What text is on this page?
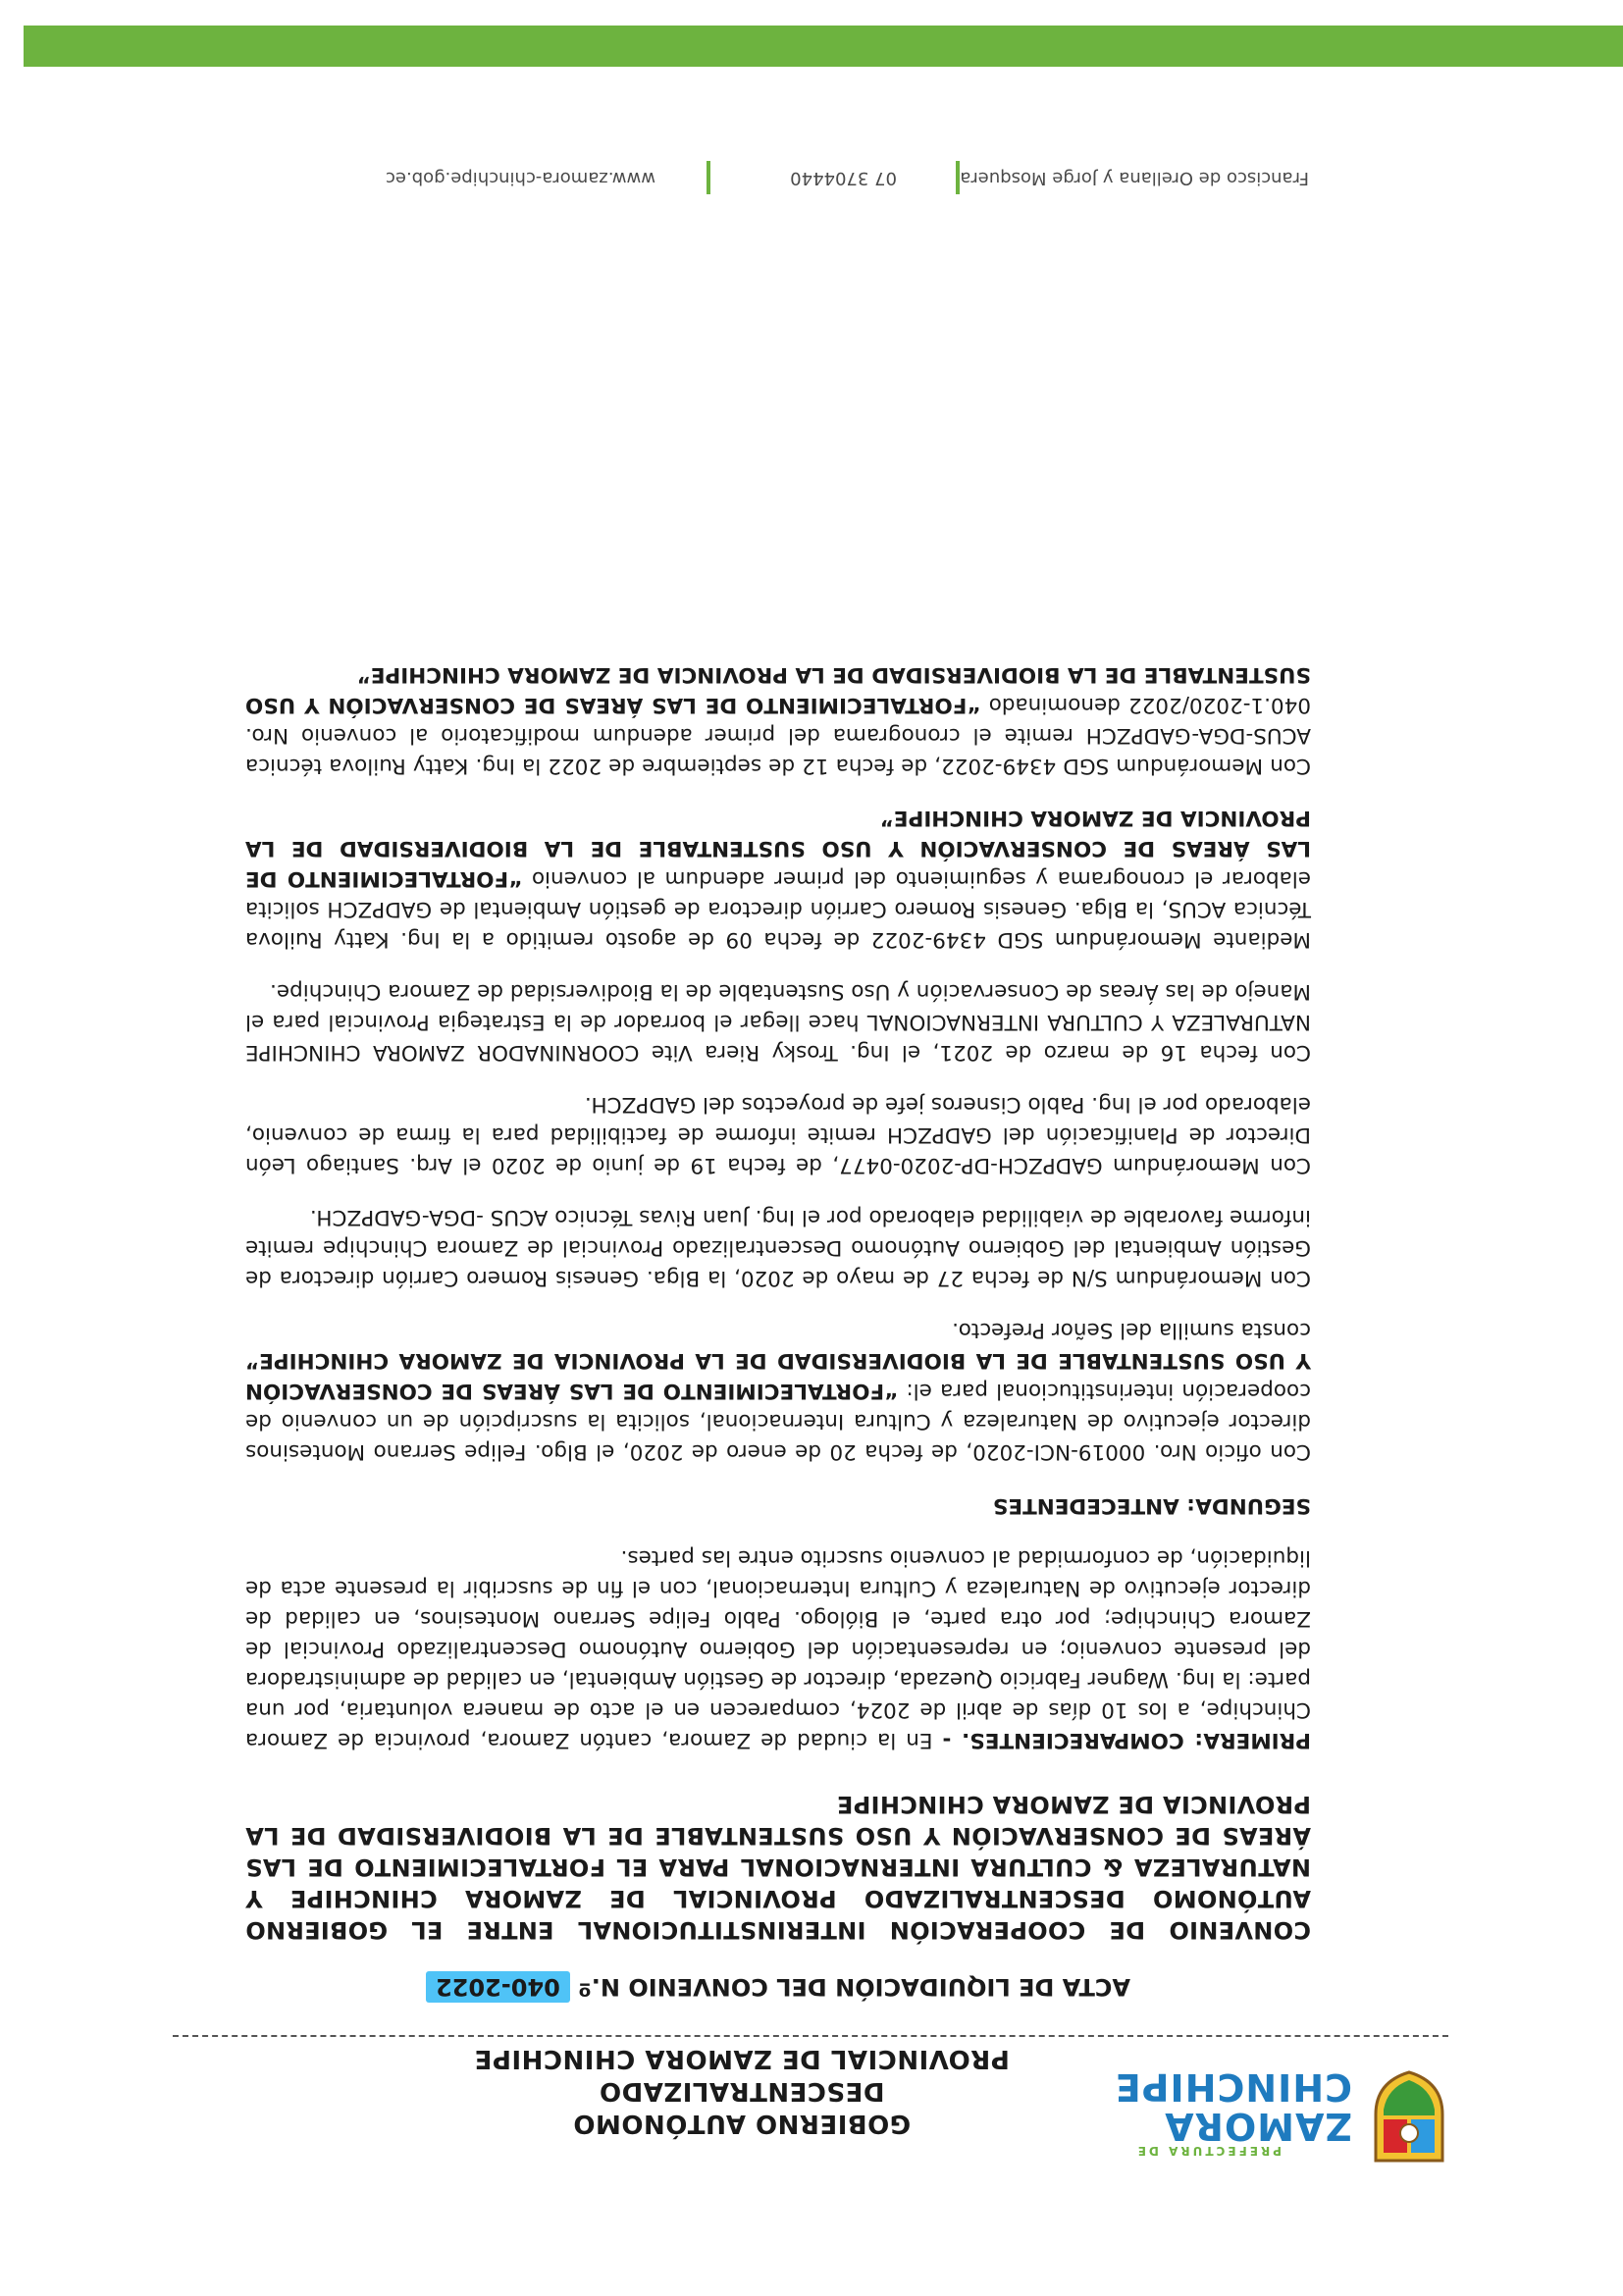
PREFECTURA DE
ZAMORA
CHINCHIPE
GOBIERNO AUTÓNOMO DESCENTRALIZADO
PROVINCIAL DE ZAMORA CHINCHIPE
ACTA DE LIQUIDACIÓN DEL CONVENIO N.º 040-2022
CONVENIO DE COOPERACIÓN INTERINSTITUCIONAL ENTRE EL GOBIERNO AUTÓNOMO DESCENTRALIZADO PROVINCIAL DE ZAMORA CHINCHIPE Y NATURALEZA & CULTURA INTERNACIONAL PARA EL FORTALECIMIENTO DE LAS ÁREAS DE CONSERVACIÓN Y USO SUSTENTABLE DE LA BIODIVERSIDAD DE LA PROVINCIA DE ZAMORA CHINCHIPE

PRIMERA: COMPARECIENTES. - En la ciudad de Zamora, cantón Zamora, provincia de Zamora Chinchipe, a los 10 días de abril de 2024, comparecen en el acto de manera voluntaria, por una parte: la Ing. Wagner Fabricio Quezada, director de Gestión Ambiental, en calidad de administradora del presente convenio; en representación del Gobierno Autónomo Descentralizado Provincial de Zamora Chinchipe; por otra parte, el Biólogo. Pablo Felipe Serrano Montesinos, en calidad de director ejecutivo de Naturaleza y Cultura Internacional, con el fin de suscribir la presente acta de liquidación, de conformidad al convenio suscrito entre las partes.

SEGUNDA: ANTECEDENTES

Con oficio Nro. 00019-NCI-2020, de fecha 20 de enero de 2020, el Blgo. Felipe Serrano Montesinos director ejecutivo de Naturaleza y Cultura Internacional, solicita la suscripción de un convenio de cooperación interinstitucional para el: “FORTALECIMIENTO DE LAS ÁREAS DE CONSERVACIÓN Y USO SUSTENTABLE DE LA BIODIVERSIDAD DE LA PROVINCIA DE ZAMORA CHINCHIPE” consta sumilla del Señor Prefecto.

Con Memorándum S/N de fecha 27 de mayo de 2020, la Blga. Genesis Romero Carrión directora de Gestión Ambiental del Gobierno Autónomo Descentralizado Provincial de Zamora Chinchipe remite informe favorable de viabilidad elaborado por el Ing. Juan Rivas Técnico ACUS -DGA-GADPZCH.

Con Memorándum GADPZCH-DP-2020-0477, de fecha 19 de junio de 2020 el Arq. Santiago León Director de Planificación del GADPZCH remite informe de factibilidad para la firma de convenio, elaborado por el Ing. Pablo Cisneros jefe de proyectos del GADPZCH.

Con fecha 16 de marzo de 2021, el Ing. Trosky Riera Vite COORNINADOR ZAMORA CHINCHIPE NATURALEZA Y CULTURA INTERNACIONAL hace llegar el borrador de la Estrategia Provincial para el Manejo de las Áreas de Conservación y Uso Sustentable de la Biodiversidad de Zamora Chinchipe.

Mediante Memorándum SGD 4349-2022 de fecha 09 de agosto remitido a la Ing. Katty Ruilova Técnica ACUS, la Blga. Genesis Romero Carrión directora de gestión Ambiental de GADPZCH solicita elaborar el cronograma y seguimiento del primer adendum al convenio “FORTALECIMIENTO DE LAS ÁREAS DE CONSERVACIÓN Y USO SUSTENTABLE DE LA BIODIVERSIDAD DE LA PROVINCIA DE ZAMORA CHINCHIPE”

Con Memorándum SGD 4349-2022, de fecha 12 de septiembre de 2022 la Ing. Katty Ruilova técnica ACUS-DGA-GADPZCH remite el cronograma del primer adendum modificatorio al convenio Nro. 040.1-2020/2022 denominado “FORTALECIMIENTO DE LAS ÁREAS DE CONSERVACIÓN Y USO SUSTENTABLE DE LA BIODIVERSIDAD DE LA PROVINCIA DE ZAMORA CHINCHIPE”

Francisco de Orellana y Jorge Mosquera
07 3704440
www.zamora-chinchipe.gob.ec
